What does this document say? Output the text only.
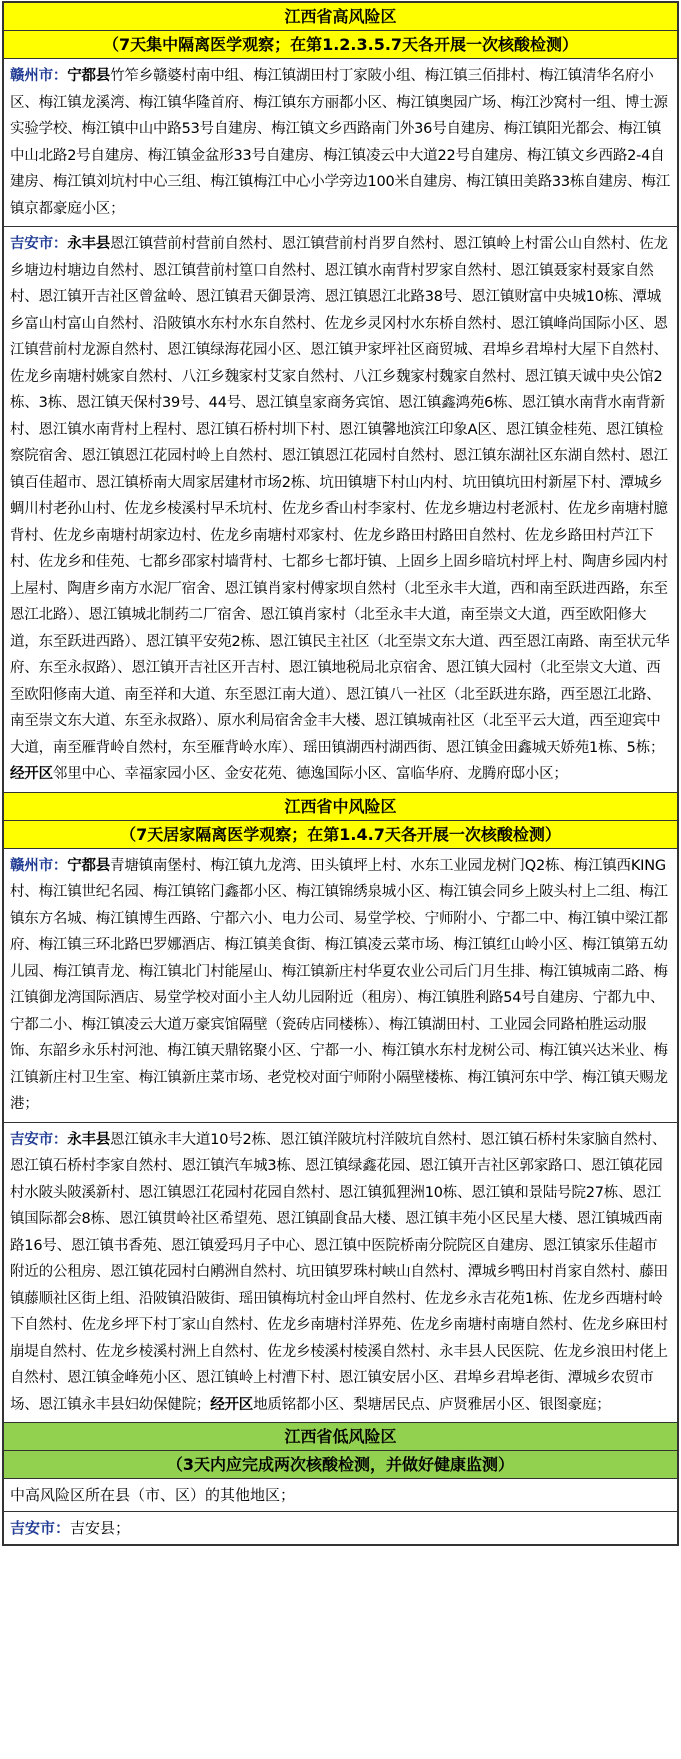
江西省高风险区
（7天集中隔离医学观察；在第1.2.3.5.7天各开展一次核酸检测）

赣州市：宁都县竹笮乡赣婆村南中组、梅江镇湖田村丁家陂小组、梅江镇三佰排村、梅江镇清华名府小区、梅江镇龙溪湾、梅江镇华隆首府、梅江镇东方丽都小区、梅江镇奥园广场、梅江沙窝村一组、博士源实验学校、梅江镇中山中路53号自建房、梅江镇文乡西路南门外36号自建房、梅江镇阳光都会、梅江镇中山北路2号自建房、梅江镇金盆形33号自建房、梅江镇凌云中大道22号自建房、梅江镇文乡西路2-4自建房、梅江镇刘坑村中心三组、梅江镇梅江中心小学旁边100米自建房、梅江镇田美路33栋自建房、梅江镇京都豪庭小区；

吉安市：永丰县恩江镇营前村营前自然村、恩江镇营前村肖罗自然村、恩江镇岭上村雷公山自然村、佐龙乡塘边村塘边自然村、恩江镇营前村篁口自然村、恩江镇水南背村罗家自然村、恩江镇聂家村聂家自然村、恩江镇开吉社区曾盆岭、恩江镇君天御景湾、恩江镇恩江北路38号、恩江镇财富中央城10栋、潭城乡富山村富山自然村、沿陂镇水东村水东自然村、佐龙乡灵冈村水东桥自然村、恩江镇峰尚国际小区、恩江镇营前村龙源自然村、恩江镇绿海花园小区、恩江镇尹家坪社区商贸城、君埠乡君埠村大屋下自然村、佐龙乡南塘村姚家自然村、八江乡魏家村艾家自然村、八江乡魏家村魏家自然村、恩江镇天诚中央公馆2栋、3栋、恩江镇天保村39号、44号、恩江镇皇家商务宾馆、恩江镇鑫鸿苑6栋、恩江镇水南背水南背新村、恩江镇水南背村上程村、恩江镇石桥村圳下村、恩江镇馨地滨江印象A区、恩江镇金桂苑、恩江镇检察院宿舍、恩江镇恩江花园村岭上自然村、恩江镇恩江花园村自然村、恩江镇东湖社区东湖自然村、恩江镇百佳超市、恩江镇桥南大周家居建材市场2栋、坑田镇塘下村山内村、坑田镇坑田村新屋下村、潭城乡蜩川村老孙山村、佐龙乡棱溪村早禾坑村、佐龙乡香山村李家村、佐龙乡塘边村老派村、佐龙乡南塘村臆背村、佐龙乡南塘村胡家边村、佐龙乡南塘村邓家村、佐龙乡路田村路田自然村、佐龙乡路田村芦江下村、佐龙乡和佳苑、七都乡邵家村墙背村、七都乡七都圩镇、上固乡上固乡暗坑村坪上村、陶唐乡园内村上屋村、陶唐乡南方水泥厂宿舍、恩江镇肖家村傅家坝自然村（北至永丰大道，西和南至跃进西路，东至恩江北路）、恩江镇城北制药二厂宿舍、恩江镇肖家村（北至永丰大道，南至崇文大道，西至欧阳修大道，东至跃进西路）、恩江镇平安苑2栋、恩江镇民主社区（北至崇文东大道、西至恩江南路、南至状元华府、东至永叔路）、恩江镇开吉社区开吉村、恩江镇地税局北京宿舍、恩江镇大园村（北至崇文大道、西至欧阳修南大道、南至祥和大道、东至恩江南大道）、恩江镇八一社区（北至跃进东路，西至恩江北路、南至崇文东大道、东至永叔路）、原水利局宿舍金丰大楼、恩江镇城南社区（北至平云大道，西至迎宾中大道，南至雁背岭自然村，东至雁背岭水库）、瑶田镇湖西村湖西街、恩江镇金田鑫城天娇苑1栋、5栋；经开区邻里中心、幸福家园小区、金安花苑、德逸国际小区、富临华府、龙腾府邸小区；

江西省中风险区
（7天居家隔离医学观察；在第1.4.7天各开展一次核酸检测）

赣州市：宁都县青塘镇南堡村、梅江镇九龙湾、田头镇坪上村、水东工业园龙树门Q2栋、梅江镇西KING村、梅江镇世纪名园、梅江镇铭门鑫都小区、梅江镇锦绣泉城小区、梅江镇会同乡上陂头村上二组、梅江镇东方名城、梅江镇博生西路、宁都六小、电力公司、易堂学校、宁师附小、宁都二中、梅江镇中梁江都府、梅江镇三环北路巴罗娜酒店、梅江镇美食街、梅江镇凌云菜市场、梅江镇红山岭小区、梅江镇第五幼儿园、梅江镇青龙、梅江镇北门村能屋山、梅江镇新庄村华夏农业公司后门月生排、梅江镇城南二路、梅江镇御龙湾国际酒店、易堂学校对面小主人幼儿园附近（租房）、梅江镇胜利路54号自建房、宁都九中、宁都二小、梅江镇凌云大道万豪宾馆隔壁（瓷砖店同楼栋）、梅江镇湖田村、工业园会同路柏胜运动服饰、东韶乡永乐村河池、梅江镇天鼎铭聚小区、宁都一小、梅江镇水东村龙树公司、梅江镇兴达米业、梅江镇新庄村卫生室、梅江镇新庄菜市场、老党校对面宁师附小隔壁楼栋、梅江镇河东中学、梅江镇天赐龙港；

吉安市：永丰县恩江镇永丰大道10号2栋、恩江镇洋陂坑村洋陂坑自然村、恩江镇石桥村朱家脑自然村、恩江镇石桥村李家自然村、恩江镇汽车城3栋、恩江镇绿鑫花园、恩江镇开吉社区郭家路口、恩江镇花园村水陂头陂溪新村、恩江镇恩江花园村花园自然村、恩江镇狐狸洲10栋、恩江镇和景陆号院27栋、恩江镇国际都会8栋、恩江镇贯岭社区希望苑、恩江镇副食品大楼、恩江镇丰苑小区民星大楼、恩江镇城西南路16号、恩江镇书香苑、恩江镇爱玛月子中心、恩江镇中医院桥南分院院区自建房、恩江镇家乐佳超市附近的公租房、恩江镇花园村白鹇洲自然村、坑田镇罗珠村峡山自然村、潭城乡鸭田村肖家自然村、藤田镇藤顺社区街上组、沿陂镇沿陂街、瑶田镇梅坑村金山坪自然村、佐龙乡永吉花苑1栋、佐龙乡西塘村岭下自然村、佐龙乡坪下村丁家山自然村、佐龙乡南塘村洋界苑、佐龙乡南塘村南塘自然村、佐龙乡麻田村崩堤自然村、佐龙乡棱溪村洲上自然村、佐龙乡棱溪村棱溪自然村、永丰县人民医院、佐龙乡浪田村佬上自然村、恩江镇金峰苑小区、恩江镇岭上村漕下村、恩江镇安居小区、君埠乡君埠老街、潭城乡农贸市场、恩江镇永丰县妇幼保健院；经开区地质铭都小区、梨塘居民点、庐贤雅居小区、银图豪庭；

江西省低风险区
（3天内应完成两次核酸检测，并做好健康监测）
中高风险区所在县（市、区）的其他地区；
吉安市：吉安县；
